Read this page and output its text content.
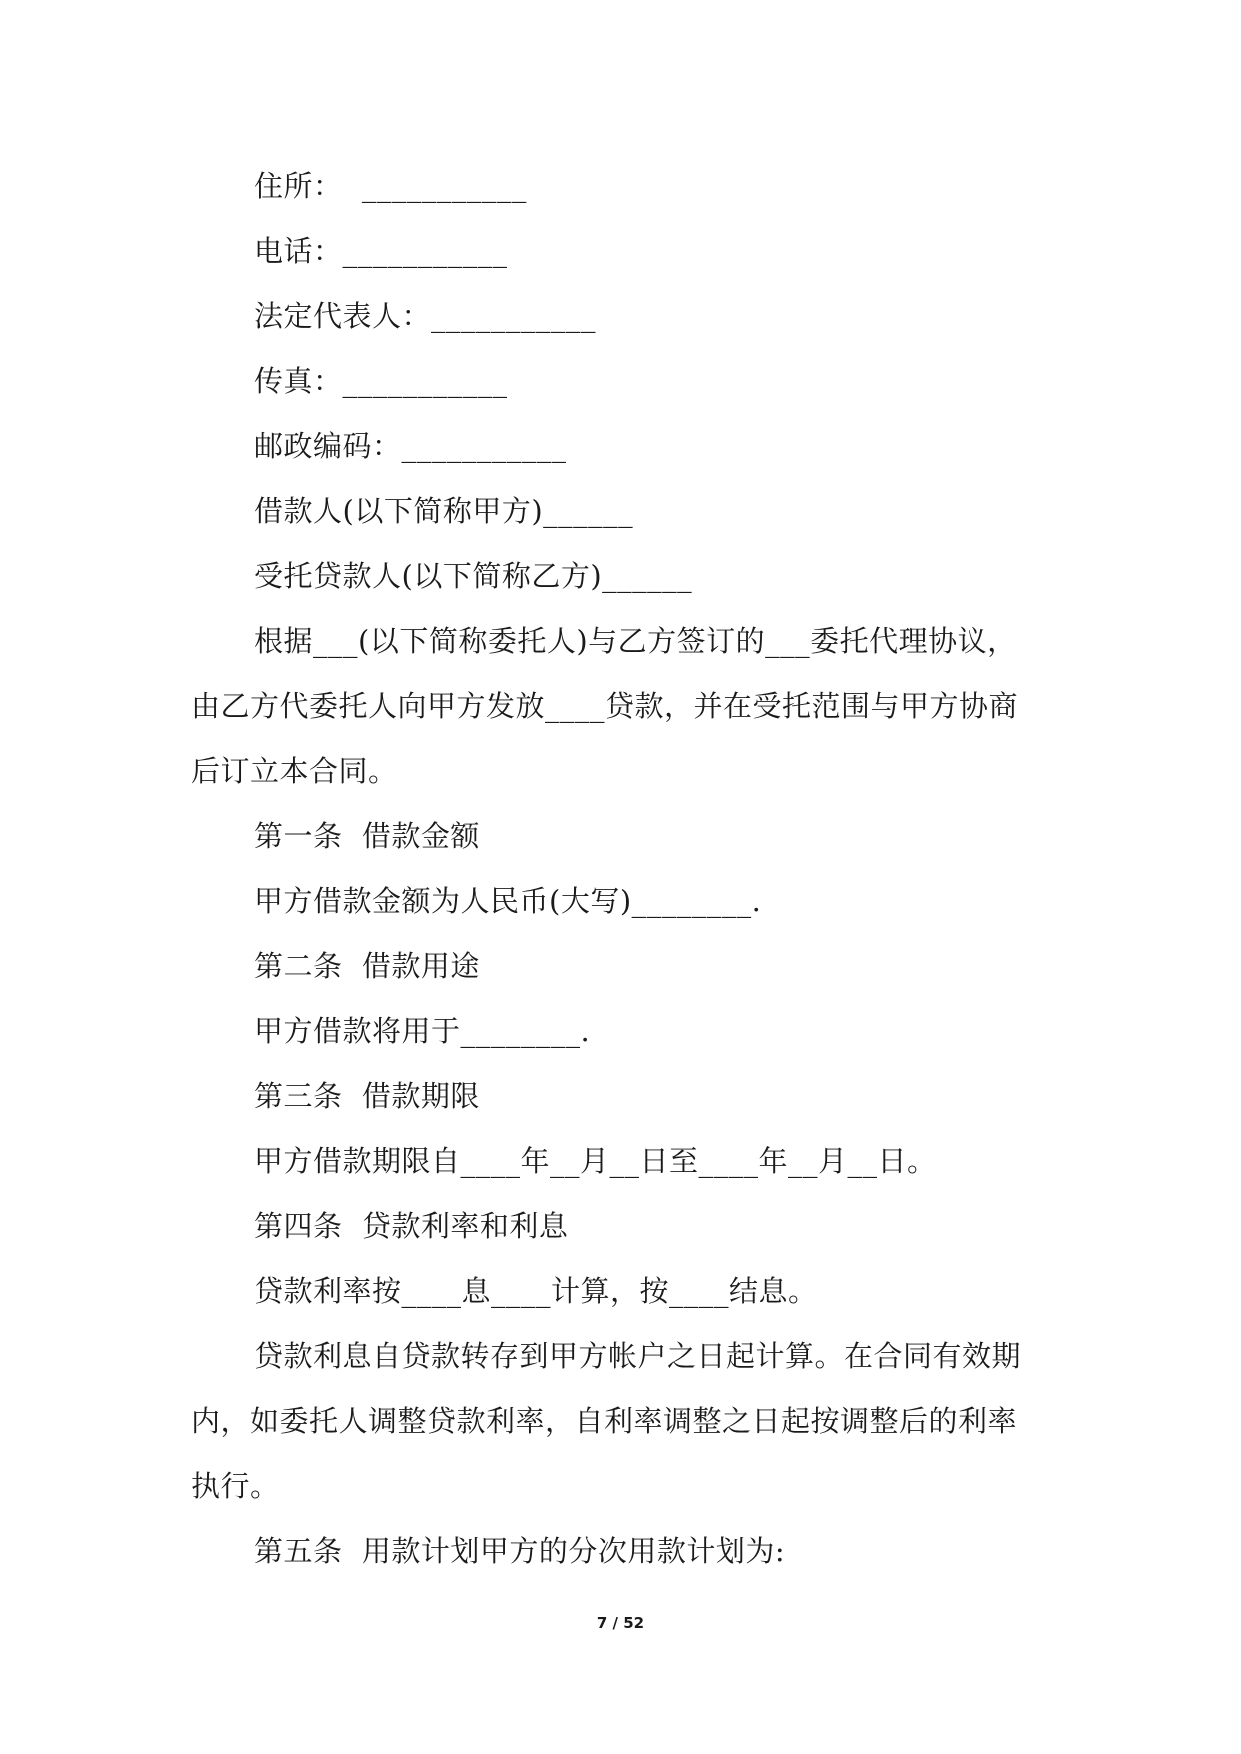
住所：  ___________
电话：___________
法定代表人：___________
传真：___________
邮政编码：___________
借款人(以下简称甲方)______
受托贷款人(以下简称乙方)______
根据___(以下简称委托人)与乙方签订的___委托代理协议，
由乙方代委托人向甲方发放____贷款，并在受托范围与甲方协商
后订立本合同。
第一条  借款金额
甲方借款金额为人民币(大写)________.
第二条  借款用途
甲方借款将用于________.
第三条  借款期限
甲方借款期限自____年__月__日至____年__月__日。
第四条  贷款利率和利息
贷款利率按____息____计算，按____结息。
贷款利息自贷款转存到甲方帐户之日起计算。在合同有效期
内，如委托人调整贷款利率，自利率调整之日起按调整后的利率
执行。
第五条  用款计划甲方的分次用款计划为:
7 / 52
